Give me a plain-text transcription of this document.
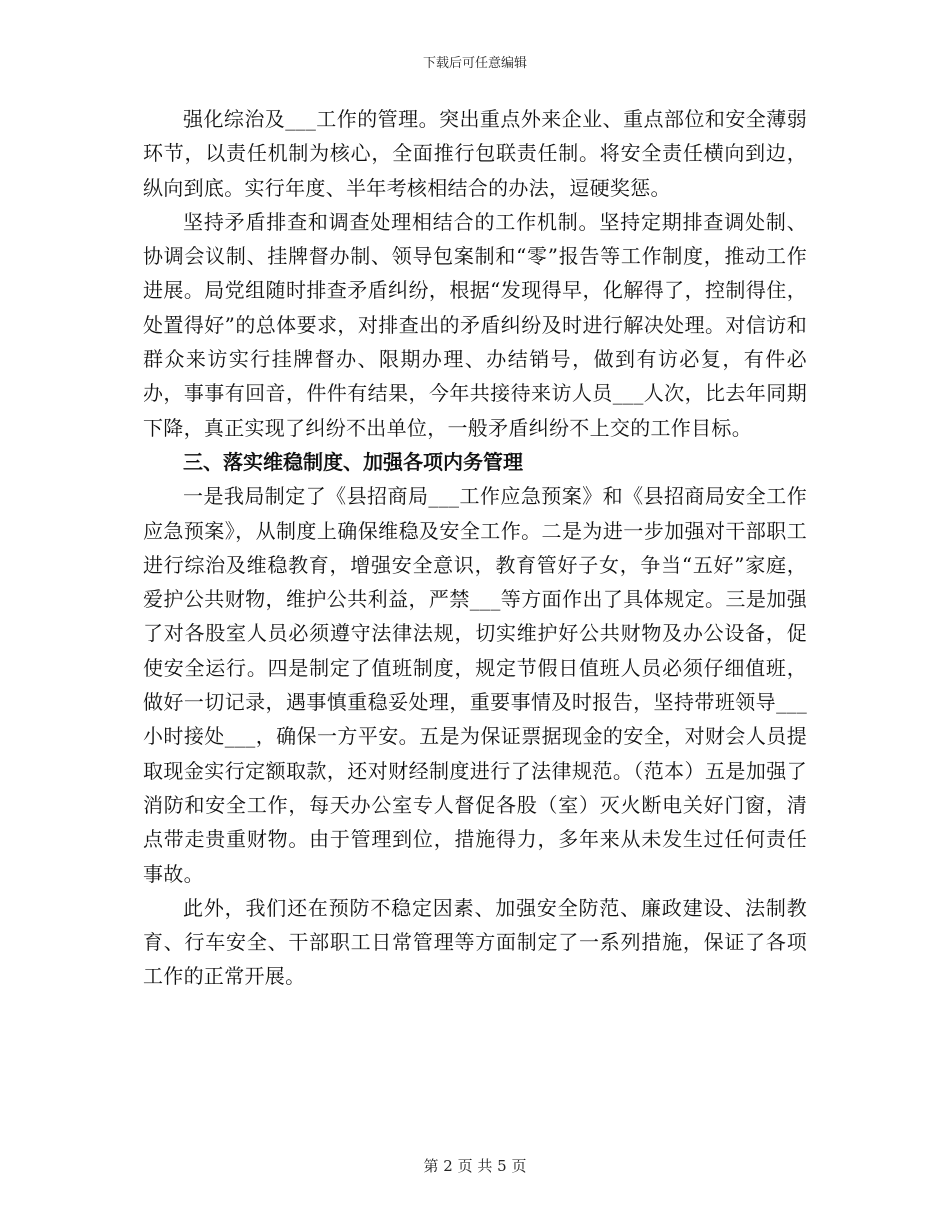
下载后可任意编辑

强化综治及___工作的管理。突出重点外来企业、重点部位和安全薄弱环节，以责任机制为核心，全面推行包联责任制。将安全责任横向到边，纵向到底。实行年度、半年考核相结合的办法，逗硬奖惩。

坚持矛盾排查和调查处理相结合的工作机制。坚持定期排查调处制、协调会议制、挂牌督办制、领导包案制和“零”报告等工作制度，推动工作进展。局党组随时排查矛盾纠纷，根据“发现得早，化解得了，控制得住，处置得好”的总体要求，对排查出的矛盾纠纷及时进行解决处理。对信访和群众来访实行挂牌督办、限期办理、办结销号，做到有访必复，有件必办，事事有回音，件件有结果，今年共接待来访人员___人次，比去年同期下降，真正实现了纠纷不出单位，一般矛盾纠纷不上交的工作目标。

三、落实维稳制度、加强各项内务管理

一是我局制定了《县招商局___工作应急预案》和《县招商局安全工作应急预案》，从制度上确保维稳及安全工作。二是为进一步加强对干部职工进行综治及维稳教育，增强安全意识，教育管好子女，争当“五好”家庭，爱护公共财物，维护公共利益，严禁___等方面作出了具体规定。三是加强了对各股室人员必须遵守法律法规，切实维护好公共财物及办公设备，促使安全运行。四是制定了值班制度，规定节假日值班人员必须仔细值班，做好一切记录，遇事慎重稳妥处理，重要事情及时报告，坚持带班领导___小时接处___，确保一方平安。五是为保证票据现金的安全，对财会人员提取现金实行定额取款，还对财经制度进行了法律规范。（范本）五是加强了消防和安全工作，每天办公室专人督促各股（室）灭火断电关好门窗，清点带走贵重财物。由于管理到位，措施得力，多年来从未发生过任何责任事故。

此外，我们还在预防不稳定因素、加强安全防范、廉政建设、法制教育、行车安全、干部职工日常管理等方面制定了一系列措施，保证了各项工作的正常开展。

第 2 页 共 5 页
